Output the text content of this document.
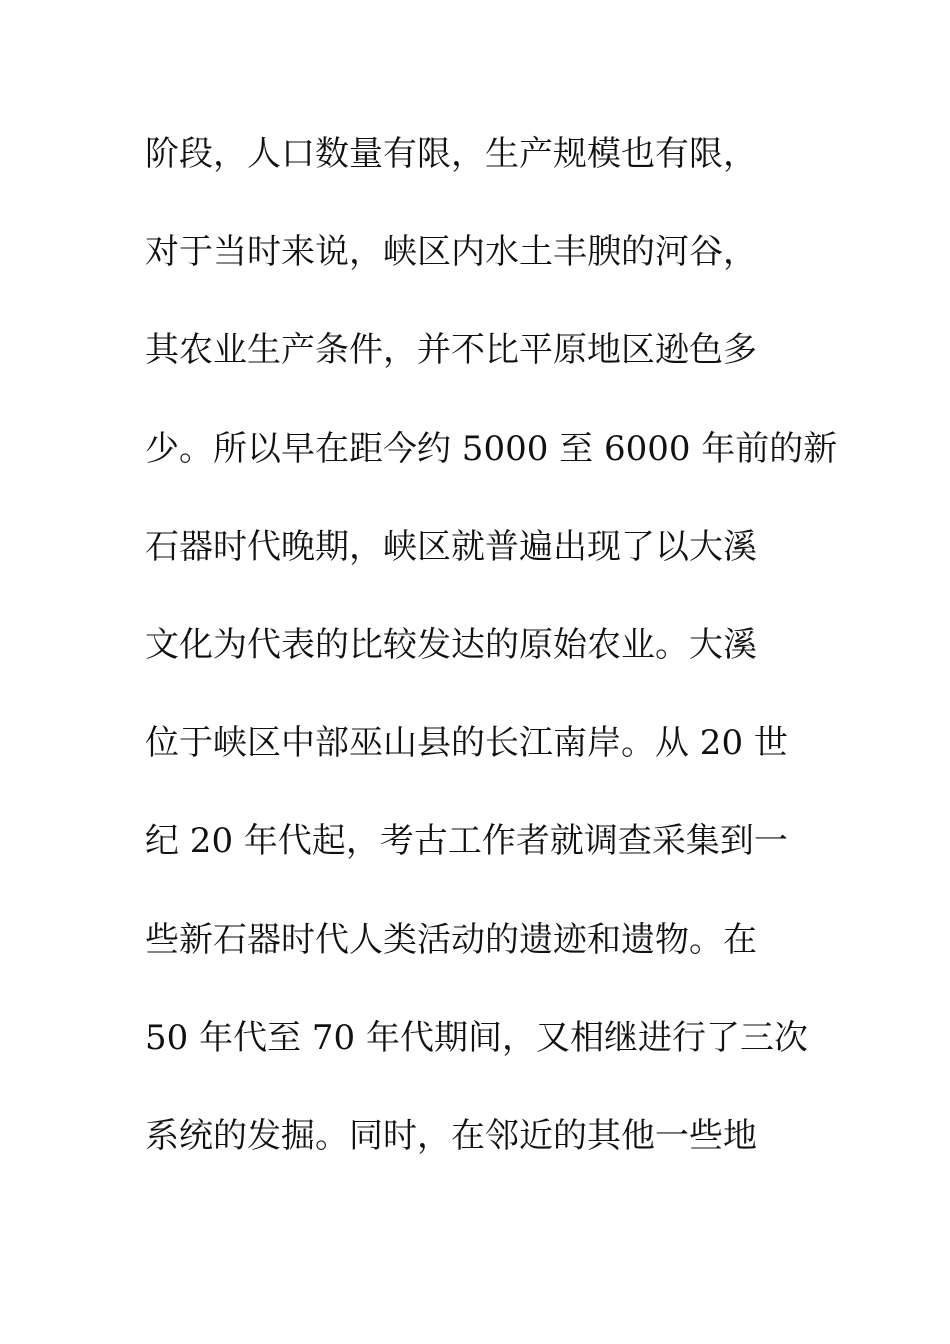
阶段，人口数量有限，生产规模也有限，
对于当时来说，峡区内水土丰腴的河谷，
其农业生产条件，并不比平原地区逊色多
少。所以早在距今约 5000 至 6000 年前的新
石器时代晚期，峡区就普遍出现了以大溪
文化为代表的比较发达的原始农业。大溪
位于峡区中部巫山县的长江南岸。从 20 世
纪 20 年代起，考古工作者就调查采集到一
些新石器时代人类活动的遗迹和遗物。在
50 年代至 70 年代期间，又相继进行了三次
系统的发掘。同时，在邻近的其他一些地
